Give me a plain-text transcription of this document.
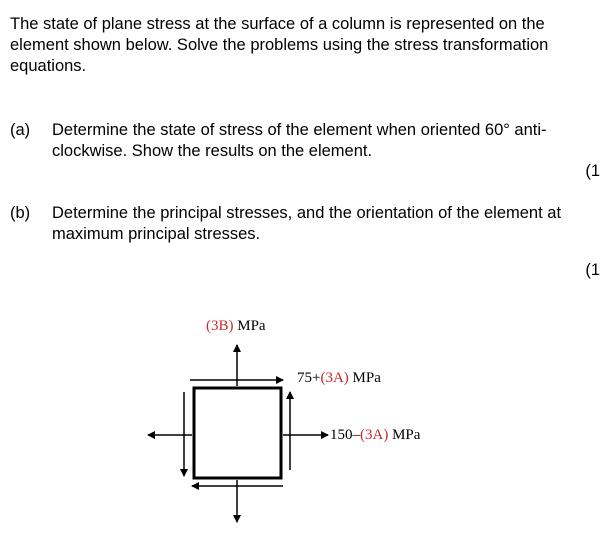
The state of plane stress at the surface of a column is represented on the element shown below. Solve the problems using the stress transformation equations.
(a) Determine the state of stress of the element when oriented 60° anti-clockwise. Show the results on the element.
(1
(b) Determine the principal stresses, and the orientation of the element at maximum principal stresses.
(1
(3B) MPa
75+(3A) MPa
150–(3A) MPa
